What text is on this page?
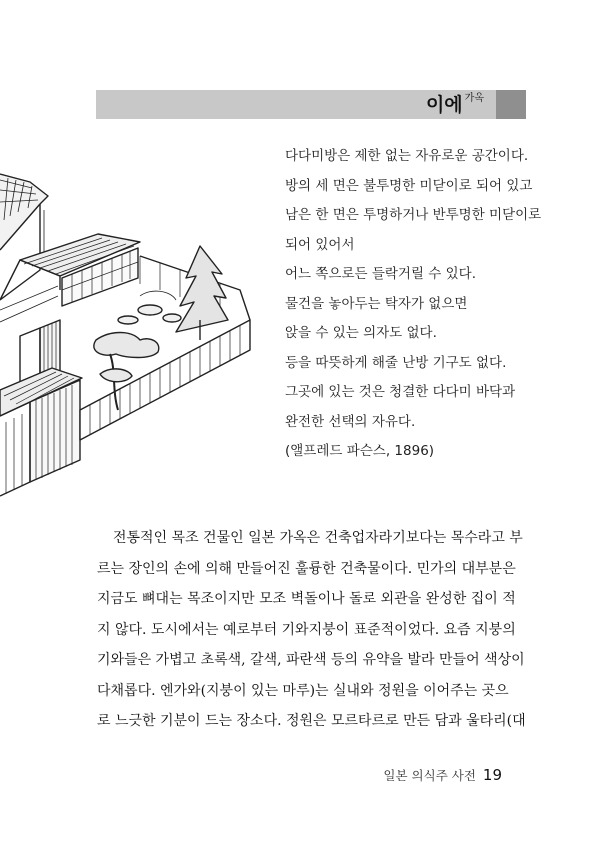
이에 가옥
다다미방은 제한 없는 자유로운 공간이다.
방의 세 면은 불투명한 미닫이로 되어 있고
남은 한 면은 투명하거나 반투명한 미닫이로
되어 있어서
어느 쪽으로든 들락거릴 수 있다.
물건을 놓아두는 탁자가 없으면
앉을 수 있는 의자도 없다.
등을 따뜻하게 해줄 난방 기구도 없다.
그곳에 있는 것은 청결한 다다미 바닥과
완전한 선택의 자유다.
(앨프레드 파슨스, 1896)
전통적인 목조 건물인 일본 가옥은 건축업자라기보다는 목수라고 부
르는 장인의 손에 의해 만들어진 훌륭한 건축물이다. 민가의 대부분은
지금도 뼈대는 목조이지만 모조 벽돌이나 돌로 외관을 완성한 집이 적
지 않다. 도시에서는 예로부터 기와지붕이 표준적이었다. 요즘 지붕의
기와들은 가볍고 초록색, 갈색, 파란색 등의 유약을 발라 만들어 색상이
다채롭다. 엔가와(지붕이 있는 마루)는 실내와 정원을 이어주는 곳으
로 느긋한 기분이 드는 장소다. 정원은 모르타르로 만든 담과 울타리(대
일본 의식주 사전 19
